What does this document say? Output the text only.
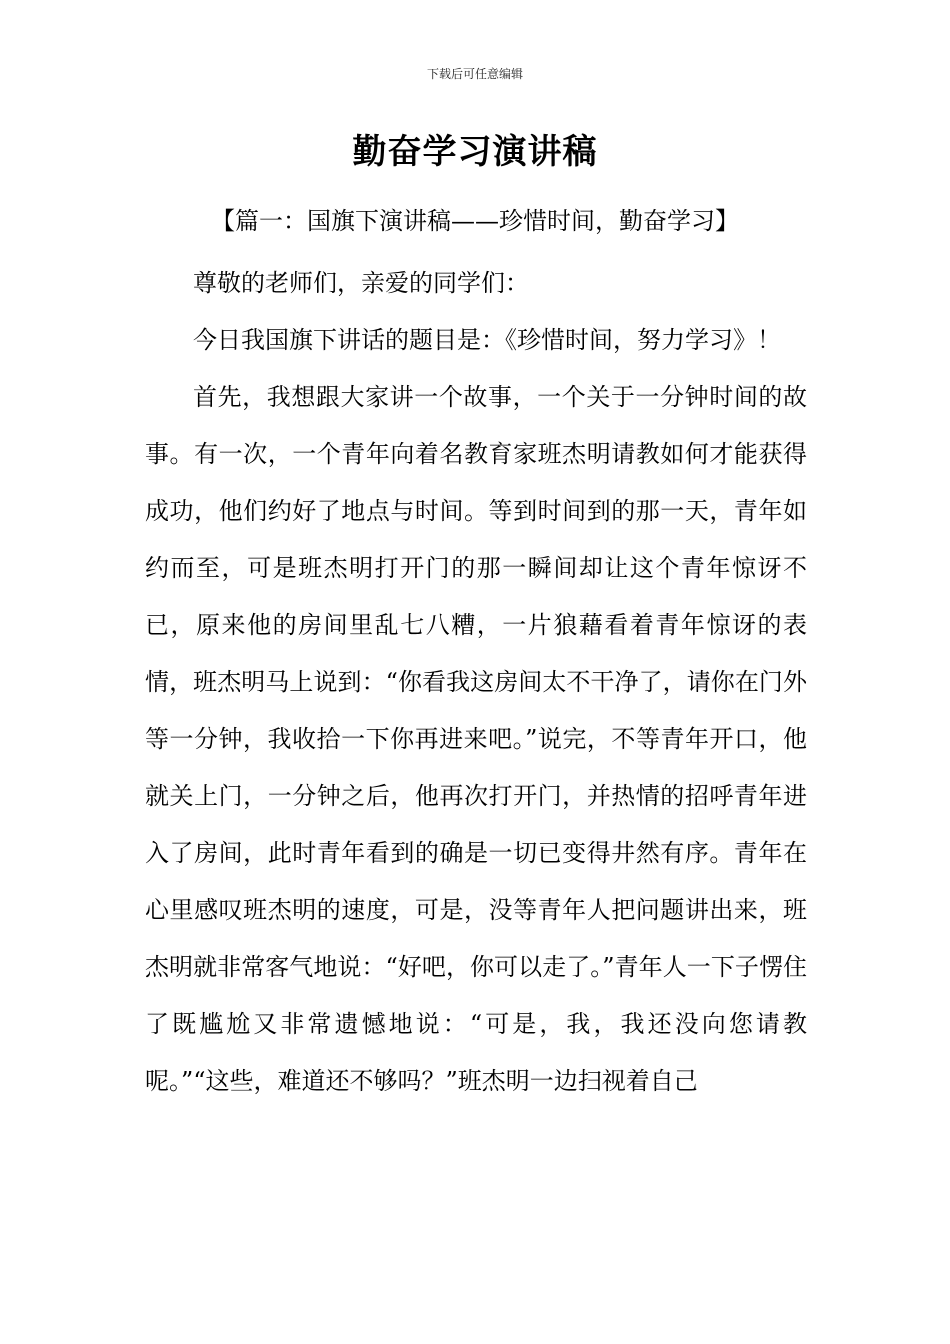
下载后可任意编辑
勤奋学习演讲稿
【篇一：国旗下演讲稿——珍惜时间，勤奋学习】

尊敬的老师们，亲爱的同学们：

今日我国旗下讲话的题目是：《珍惜时间，努力学习》！

首先，我想跟大家讲一个故事，一个关于一分钟时间的故事。有一次，一个青年向着名教育家班杰明请教如何才能获得成功，他们约好了地点与时间。等到时间到的那一天，青年如约而至，可是班杰明打开门的那一瞬间却让这个青年惊讶不已，原来他的房间里乱七八糟，一片狼藉看着青年惊讶的表情，班杰明马上说到：“你看我这房间太不干净了，请你在门外等一分钟，我收拾一下你再进来吧。”说完，不等青年开口，他就关上门，一分钟之后，他再次打开门，并热情的招呼青年进入了房间，此时青年看到的确是一切已变得井然有序。青年在心里感叹班杰明的速度，可是，没等青年人把问题讲出来，班杰明就非常客气地说：“好吧，你可以走了。”青年人一下子愣住了既尴尬又非常遗憾地说：“可是，我，我还没向您请教呢。”“这些，难道还不够吗？”班杰明一边扫视着自己
